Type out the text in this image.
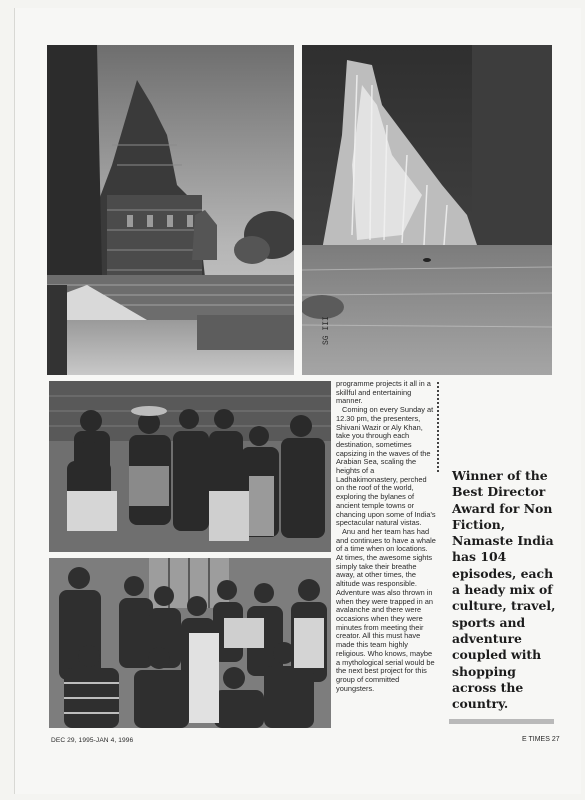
SG III

programme projects it all in a skillful and entertaining manner.

Coming on every Sunday at 12.30 pm, the presenters, Shivani Wazir or Aly Khan, take you through each destination, sometimes capsizing in the waves of the Arabian Sea, scaling the heights of a Ladhakimonastery, perched on the roof of the world, exploring the bylanes of ancient temple towns or chancing upon some of India's spectacular natural vistas.

Anu and her team has had and continues to have a whale of a time when on locations. At times, the awesome sights simply take their breathe away, at other times, the altitude was responsible. Adventure was also thrown in when they were trapped in an avalanche and there were occasions when they were minutes from meeting their creator. All this must have made this team highly religious. Who knows, maybe a mythological serial would be the next best project for this group of committed youngsters.

Winner of the Best Director Award for Non Fiction, Namaste India has 104 episodes, each a heady mix of culture, travel, sports and adventure coupled with shopping across the country.
DEC 29, 1995-JAN 4, 1996	E TIMES 27
